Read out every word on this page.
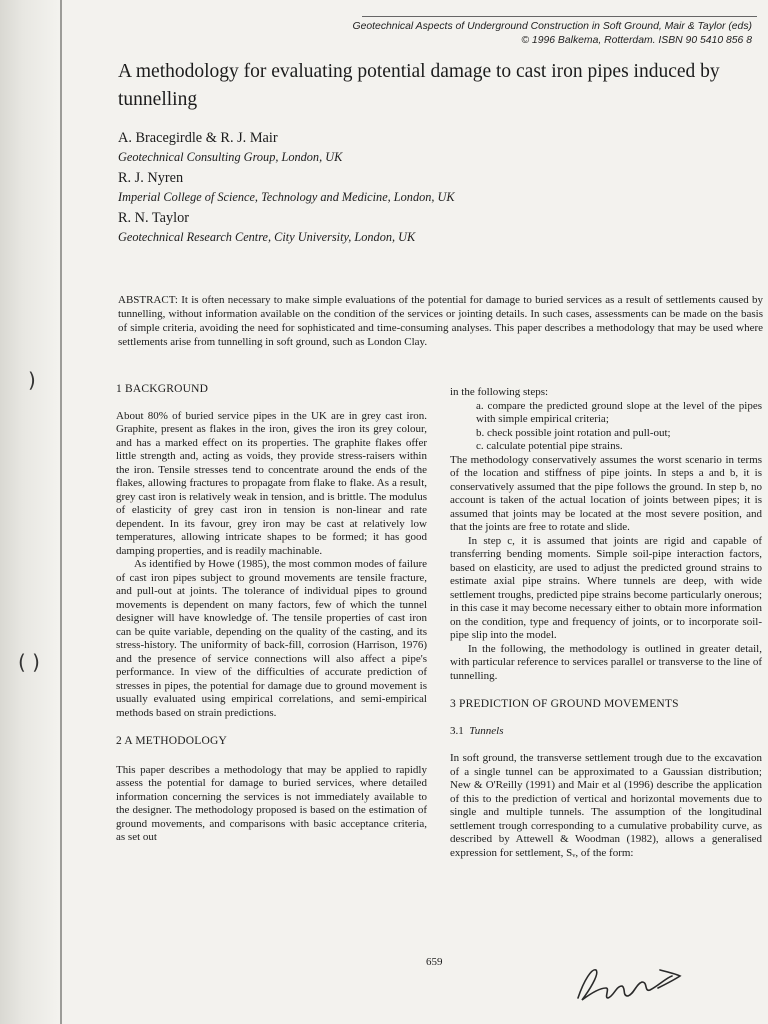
)
( )
Geotechnical Aspects of Underground Construction in Soft Ground, Mair & Taylor (eds)
© 1996 Balkema, Rotterdam. ISBN 90 5410 856 8
A methodology for evaluating potential damage to cast iron pipes induced by tunnelling
A. Bracegirdle & R. J. Mair
Geotechnical Consulting Group, London, UK
R. J. Nyren
Imperial College of Science, Technology and Medicine, London, UK
R. N. Taylor
Geotechnical Research Centre, City University, London, UK

ABSTRACT: It is often necessary to make simple evaluations of the potential for damage to buried services as a result of settlements caused by tunnelling, without information available on the condition of the services or jointing details. In such cases, assessments can be made on the basis of simple criteria, avoiding the need for sophisticated and time-consuming analyses. This paper describes a methodology that may be used where settlements arise from tunnelling in soft ground, such as London Clay.

1 BACKGROUND

About 80% of buried service pipes in the UK are in grey cast iron. Graphite, present as flakes in the iron, gives the iron its grey colour, and has a marked effect on its properties. The graphite flakes offer little strength and, acting as voids, they provide stress-raisers within the iron. Tensile stresses tend to concentrate around the ends of the flakes, allowing fractures to propagate from flake to flake. As a result, grey cast iron is relatively weak in tension, and is brittle. The modulus of elasticity of grey cast iron in tension is non-linear and rate dependent. In its favour, grey iron may be cast at relatively low temperatures, allowing intricate shapes to be formed; it has good damping properties, and is readily machinable.

As identified by Howe (1985), the most common modes of failure of cast iron pipes subject to ground movements are tensile fracture, and pull-out at joints. The tolerance of individual pipes to ground movements is dependent on many factors, few of which the tunnel designer will have knowledge of. The tensile properties of cast iron can be quite variable, depending on the quality of the casting, and its stress-history. The uniformity of back-fill, corrosion (Harrison, 1976) and the presence of service connections will also affect a pipe's performance. In view of the difficulties of accurate prediction of stresses in pipes, the potential for damage due to ground movement is usually evaluated using empirical correlations, and semi-empirical methods based on strain predictions.

2 A METHODOLOGY

This paper describes a methodology that may be applied to rapidly assess the potential for damage to buried services, where detailed information concerning the services is not immediately available to the designer. The methodology proposed is based on the estimation of ground movements, and comparisons with basic acceptance criteria, as set out

in the following steps:

a. compare the predicted ground slope at the level of the pipes with simple empirical criteria;
b. check possible joint rotation and pull-out;
c. calculate potential pipe strains.

The methodology conservatively assumes the worst scenario in terms of the location and stiffness of pipe joints. In steps a and b, it is conservatively assumed that the pipe follows the ground. In step b, no account is taken of the actual location of joints between pipes; it is assumed that joints may be located at the most severe position, and that the joints are free to rotate and slide.

In step c, it is assumed that joints are rigid and capable of transferring bending moments. Simple soil-pipe interaction factors, based on elasticity, are used to adjust the predicted ground strains to estimate axial pipe strains. Where tunnels are deep, with wide settlement troughs, predicted pipe strains become particularly onerous; in this case it may become necessary either to obtain more information on the condition, type and frequency of joints, or to incorporate soil-pipe slip into the model.

In the following, the methodology is outlined in greater detail, with particular reference to services parallel or transverse to the line of tunnelling.

3 PREDICTION OF GROUND MOVEMENTS

3.1 Tunnels

In soft ground, the transverse settlement trough due to the excavation of a single tunnel can be approximated to a Gaussian distribution; New & O'Reilly (1991) and Mair et al (1996) describe the application of this to the prediction of vertical and horizontal movements due to single and multiple tunnels. The assumption of the longitudinal settlement trough corresponding to a cumulative probability curve, as described by Attewell & Woodman (1982), allows a generalised expression for settlement, Sᵥ, of the form:

659
